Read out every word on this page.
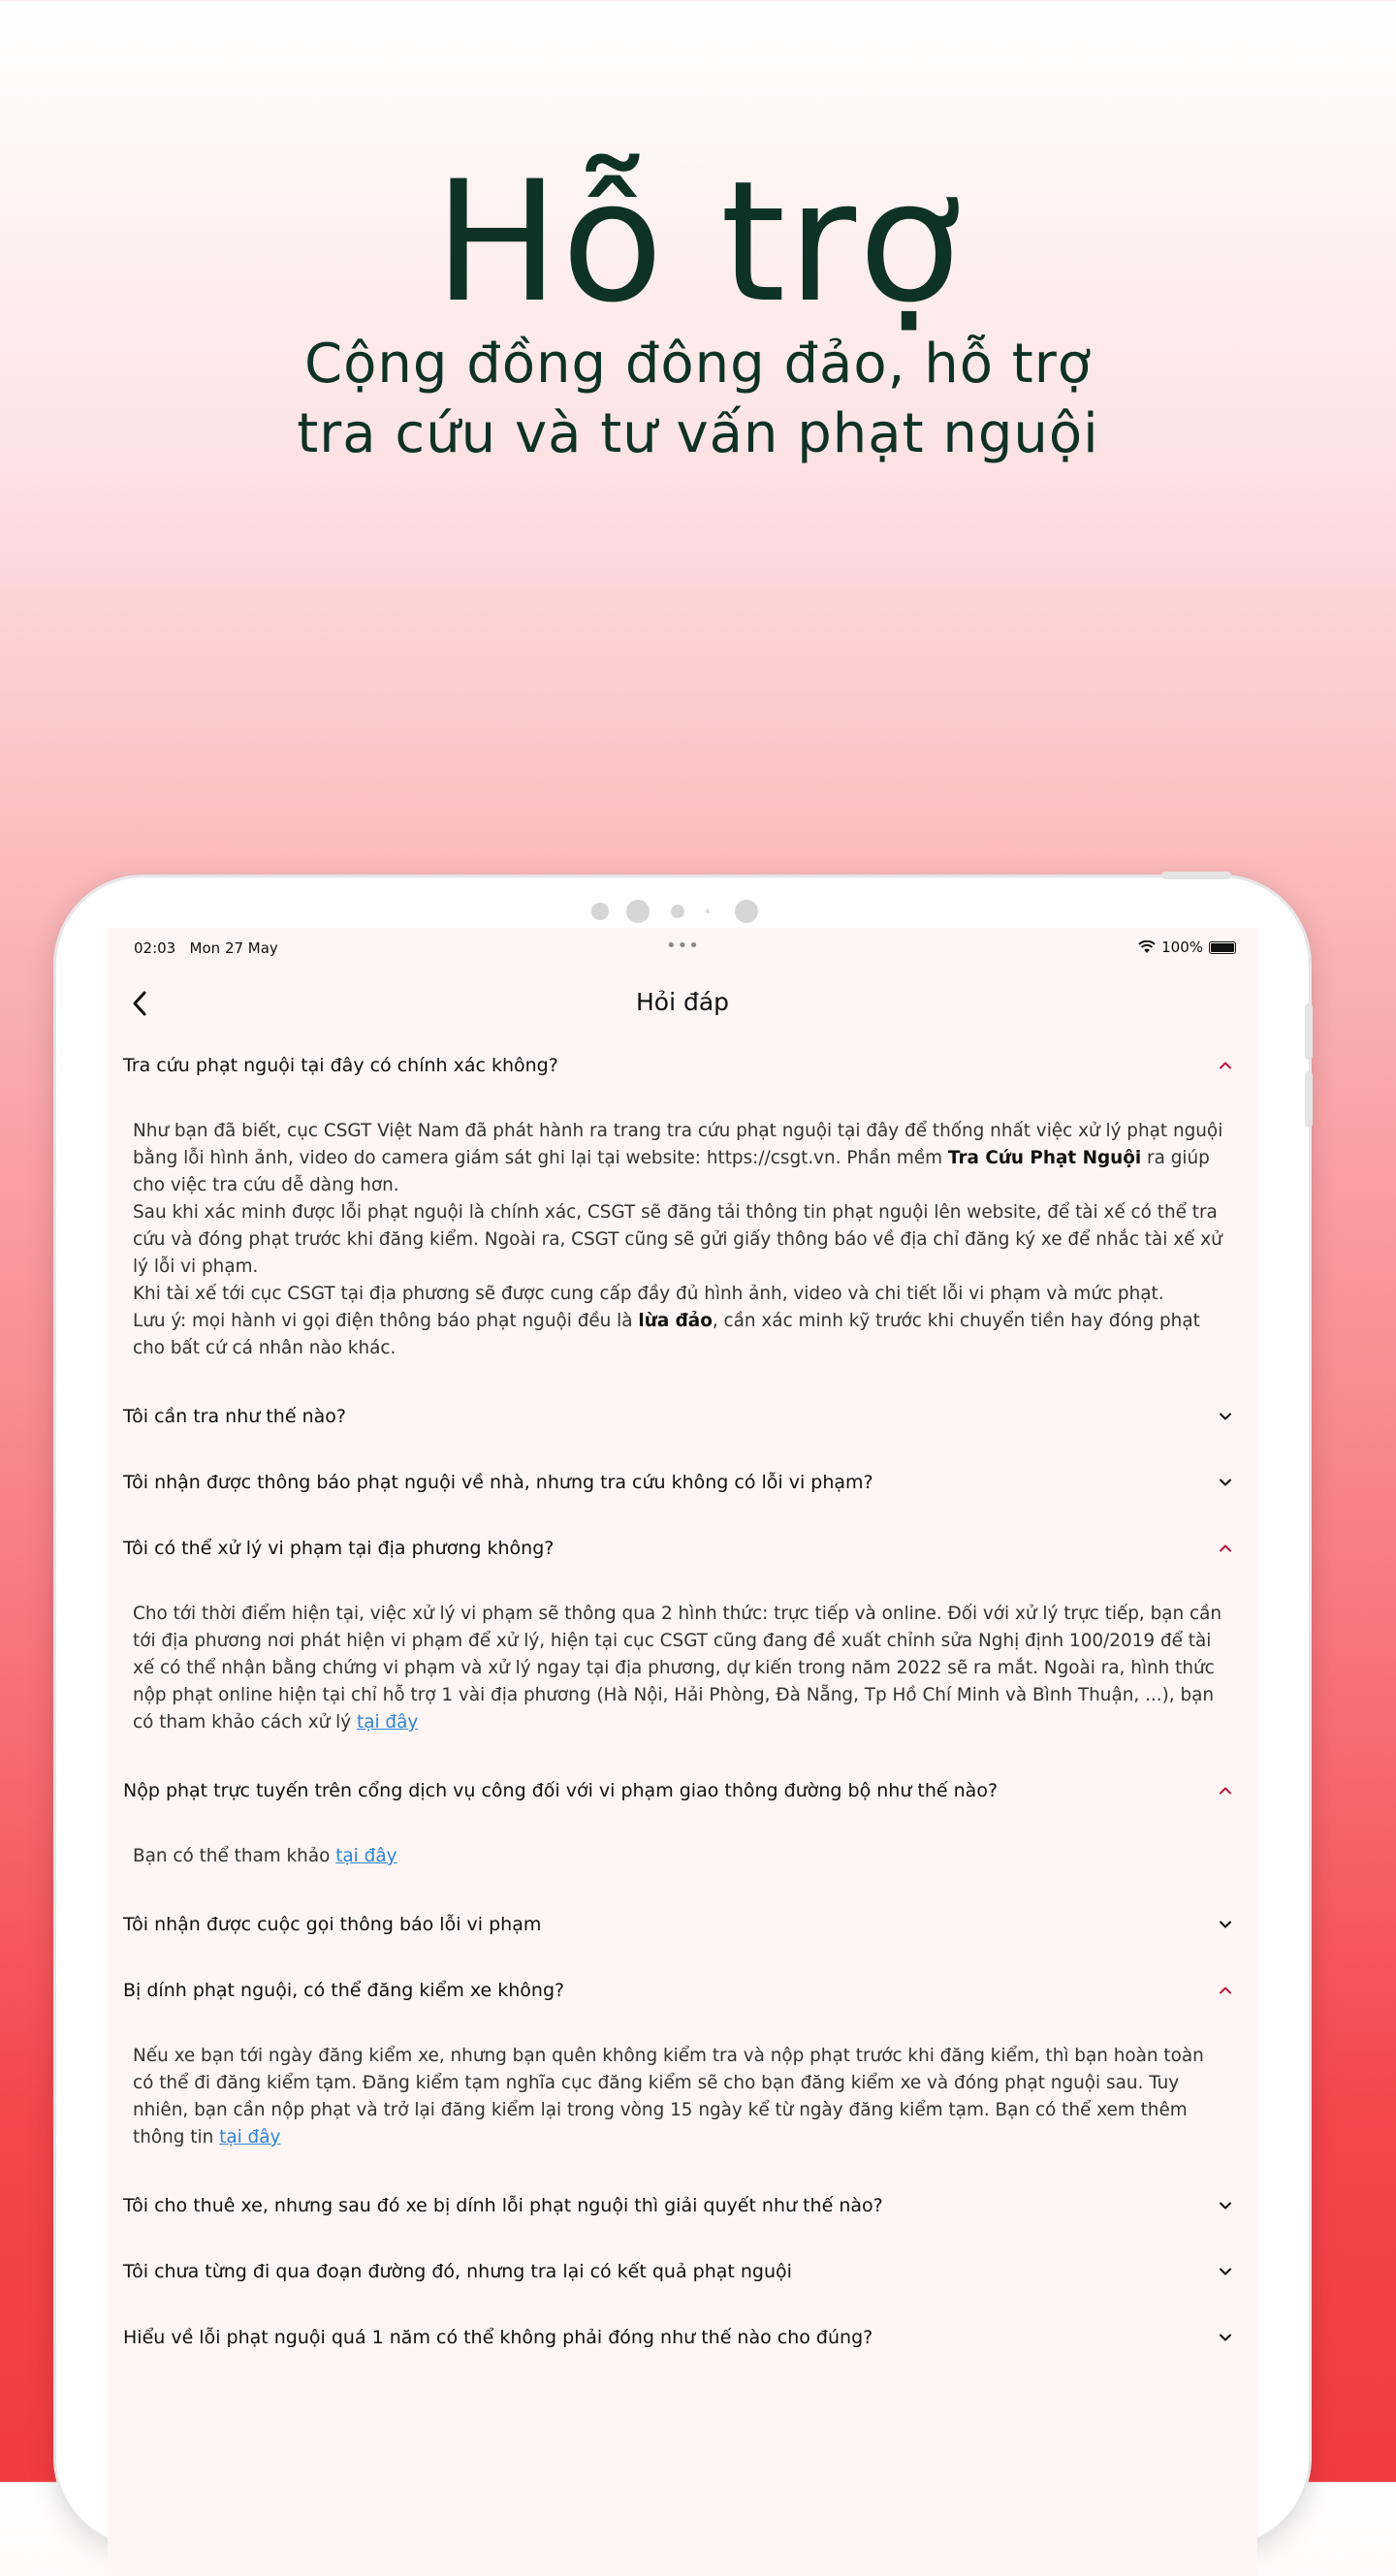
Hỗ trợ
Cộng đồng đông đảo, hỗ trợ
tra cứu và tư vấn phạt nguội
02:03 Mon 27 May	•••	100%
Hỏi đáp
Tra cứu phạt nguội tại đây có chính xác không?
Như bạn đã biết, cục CSGT Việt Nam đã phát hành ra trang tra cứu phạt nguội tại đây để thống nhất việc xử lý phạt nguội bằng lỗi hình ảnh, video do camera giám sát ghi lại tại website: https://csgt.vn. Phần mềm Tra Cứu Phạt Nguội ra giúp cho việc tra cứu dễ dàng hơn.
Sau khi xác minh được lỗi phạt nguội là chính xác, CSGT sẽ đăng tải thông tin phạt nguội lên website, để tài xế có thể tra cứu và đóng phạt trước khi đăng kiểm. Ngoài ra, CSGT cũng sẽ gửi giấy thông báo về địa chỉ đăng ký xe để nhắc tài xế xử lý lỗi vi phạm.
Khi tài xế tới cục CSGT tại địa phương sẽ được cung cấp đầy đủ hình ảnh, video và chi tiết lỗi vi phạm và mức phạt.
Lưu ý: mọi hành vi gọi điện thông báo phạt nguội đều là lừa đảo, cần xác minh kỹ trước khi chuyển tiền hay đóng phạt cho bất cứ cá nhân nào khác.
Tôi cần tra như thế nào?
Tôi nhận được thông báo phạt nguội về nhà, nhưng tra cứu không có lỗi vi phạm?
Tôi có thể xử lý vi phạm tại địa phương không?
Cho tới thời điểm hiện tại, việc xử lý vi phạm sẽ thông qua 2 hình thức: trực tiếp và online. Đối với xử lý trực tiếp, bạn cần tới địa phương nơi phát hiện vi phạm để xử lý, hiện tại cục CSGT cũng đang đề xuất chỉnh sửa Nghị định 100/2019 để tài xế có thể nhận bằng chứng vi phạm và xử lý ngay tại địa phương, dự kiến trong năm 2022 sẽ ra mắt. Ngoài ra, hình thức nộp phạt online hiện tại chỉ hỗ trợ 1 vài địa phương (Hà Nội, Hải Phòng, Đà Nẵng, Tp Hồ Chí Minh và Bình Thuận, ...), bạn có tham khảo cách xử lý tại đây
Nộp phạt trực tuyến trên cổng dịch vụ công đối với vi phạm giao thông đường bộ như thế nào?
Bạn có thể tham khảo tại đây
Tôi nhận được cuộc gọi thông báo lỗi vi phạm
Bị dính phạt nguội, có thể đăng kiểm xe không?
Nếu xe bạn tới ngày đăng kiểm xe, nhưng bạn quên không kiểm tra và nộp phạt trước khi đăng kiểm, thì bạn hoàn toàn có thể đi đăng kiểm tạm. Đăng kiểm tạm nghĩa cục đăng kiểm sẽ cho bạn đăng kiểm xe và đóng phạt nguội sau. Tuy nhiên, bạn cần nộp phạt và trở lại đăng kiểm lại trong vòng 15 ngày kể từ ngày đăng kiểm tạm. Bạn có thể xem thêm thông tin tại đây
Tôi cho thuê xe, nhưng sau đó xe bị dính lỗi phạt nguội thì giải quyết như thế nào?
Tôi chưa từng đi qua đoạn đường đó, nhưng tra lại có kết quả phạt nguội
Hiểu về lỗi phạt nguội quá 1 năm có thể không phải đóng như thế nào cho đúng?
